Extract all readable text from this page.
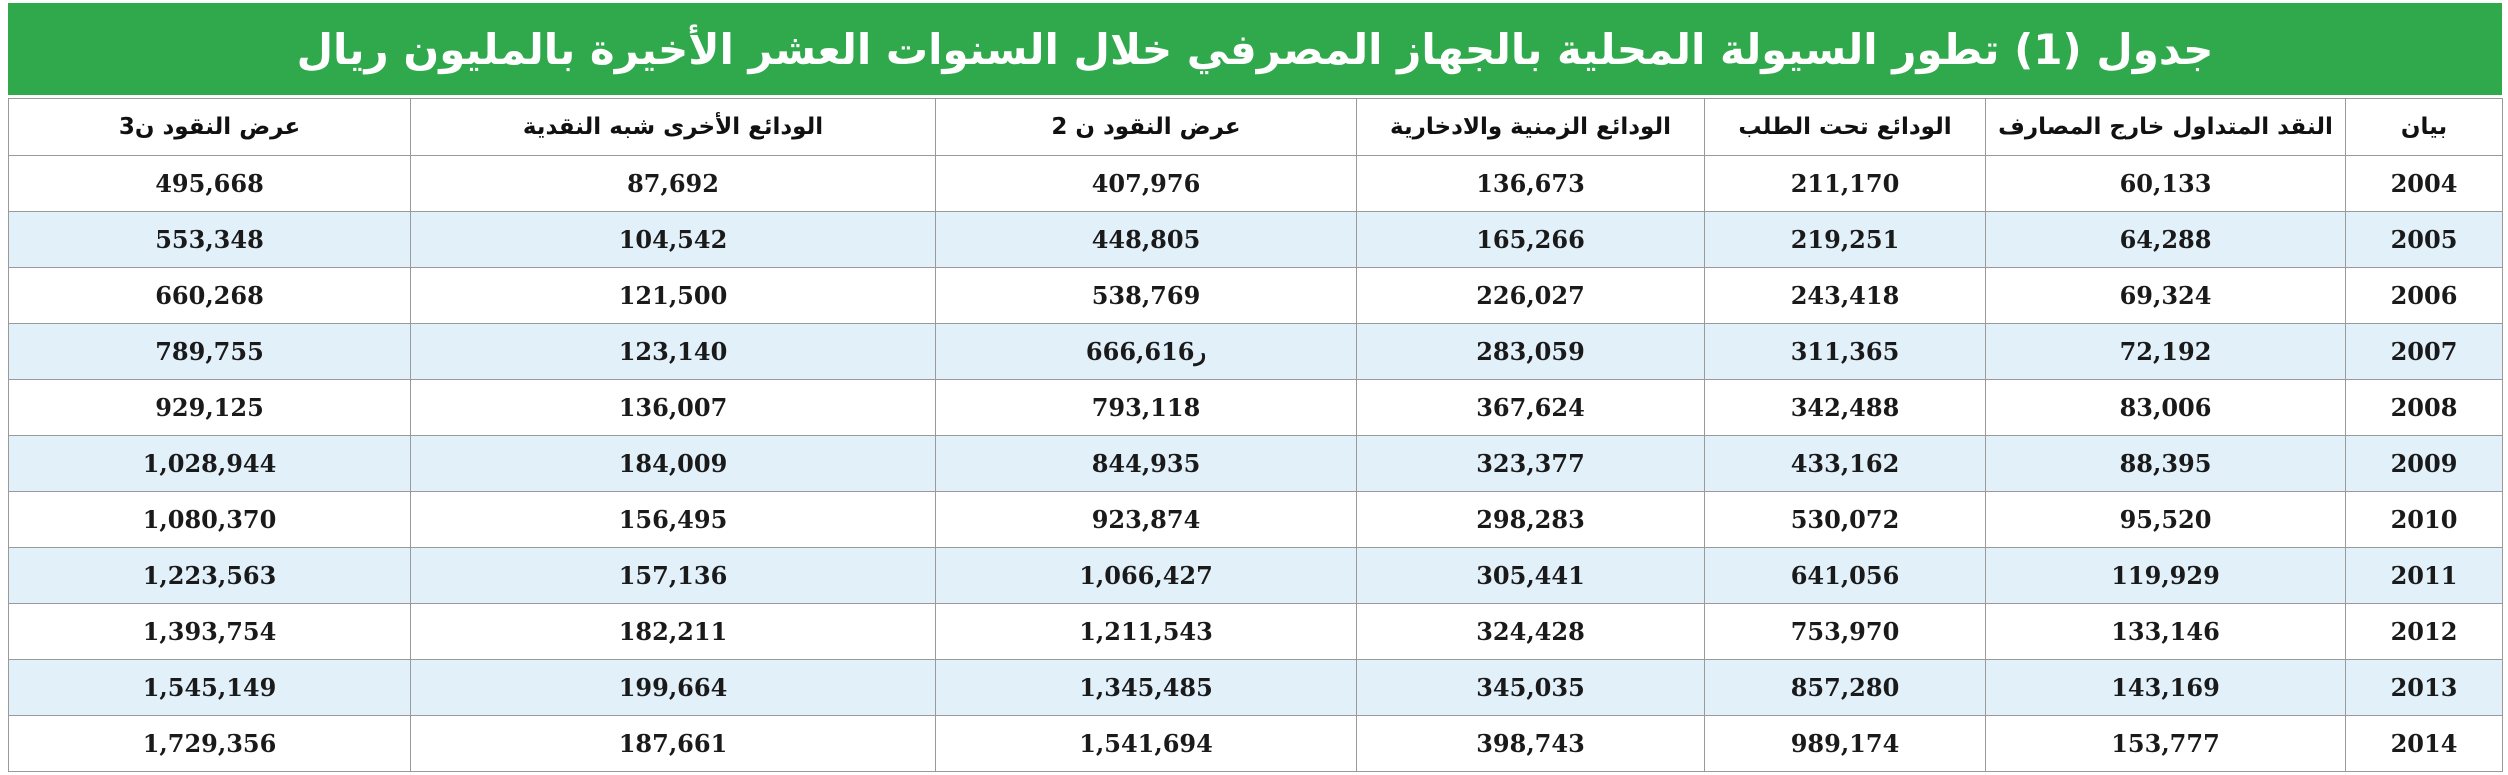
جدول (1) تطور السيولة المحلية بالجهاز المصرفي خلال السنوات العشر الأخيرة بالمليون ريال
بيان	النقد المتداول خارج المصارف	الودائع تحت الطلب	الودائع الزمنية والادخارية	عرض النقود ن 2	الودائع الأخرى شبه النقدية	عرض النقود ن3
2004	60,133	211,170	136,673	407,976	87,692	495,668
2005	64,288	219,251	165,266	448,805	104,542	553,348
2006	69,324	243,418	226,027	538,769	121,500	660,268
2007	72,192	311,365	283,059	666,61ر6	123,140	789,755
2008	83,006	342,488	367,624	793,118	136,007	929,125
2009	88,395	433,162	323,377	844,935	184,009	1,028,944
2010	95,520	530,072	298,283	923,874	156,495	1,080,370
2011	119,929	641,056	305,441	1,066,427	157,136	1,223,563
2012	133,146	753,970	324,428	1,211,543	182,211	1,393,754
2013	143,169	857,280	345,035	1,345,485	199,664	1,545,149
2014	153,777	989,174	398,743	1,541,694	187,661	1,729,356
